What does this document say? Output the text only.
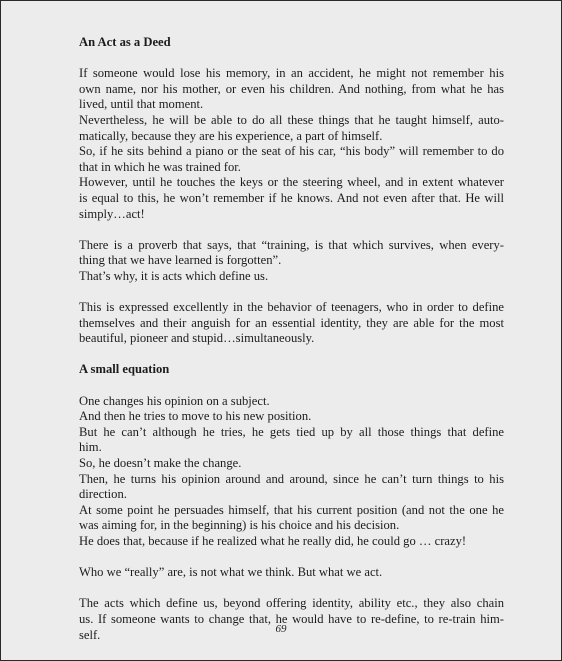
An Act as a Deed
If someone would lose his memory, in an accident, he might not remember his
own name, nor his mother, or even his children. And nothing, from what he has
lived, until that moment.
Nevertheless, he will be able to do all these things that he taught himself, auto-
matically, because they are his experience, a part of himself.
So, if he sits behind a piano or the seat of his car, “his body” will remember to do
that in which he was trained for.
However, until he touches the keys or the steering wheel, and in extent whatever
is equal to this, he won’t remember if he knows. And not even after that. He will
simply…act!
There is a proverb that says, that “training, is that which survives, when every-
thing that we have learned is forgotten”.
That’s why, it is acts which define us.
This is expressed excellently in the behavior of teenagers, who in order to define
themselves and their anguish for an essential identity, they are able for the most
beautiful, pioneer and stupid…simultaneously.
A small equation
One changes his opinion on a subject.
And then he tries to move to his new position.
But he can’t although he tries, he gets tied up by all those things that define
him.
So, he doesn’t make the change.
Then, he turns his opinion around and around, since he can’t turn things to his
direction.
At some point he persuades himself, that his current position (and not the one he
was aiming for, in the beginning) is his choice and his decision.
He does that, because if he realized what he really did, he could go … crazy!
Who we “really” are, is not what we think. But what we act.
The acts which define us, beyond offering identity, ability etc., they also chain
us. If someone wants to change that, he would have to re-define, to re-train him-
self.	69
